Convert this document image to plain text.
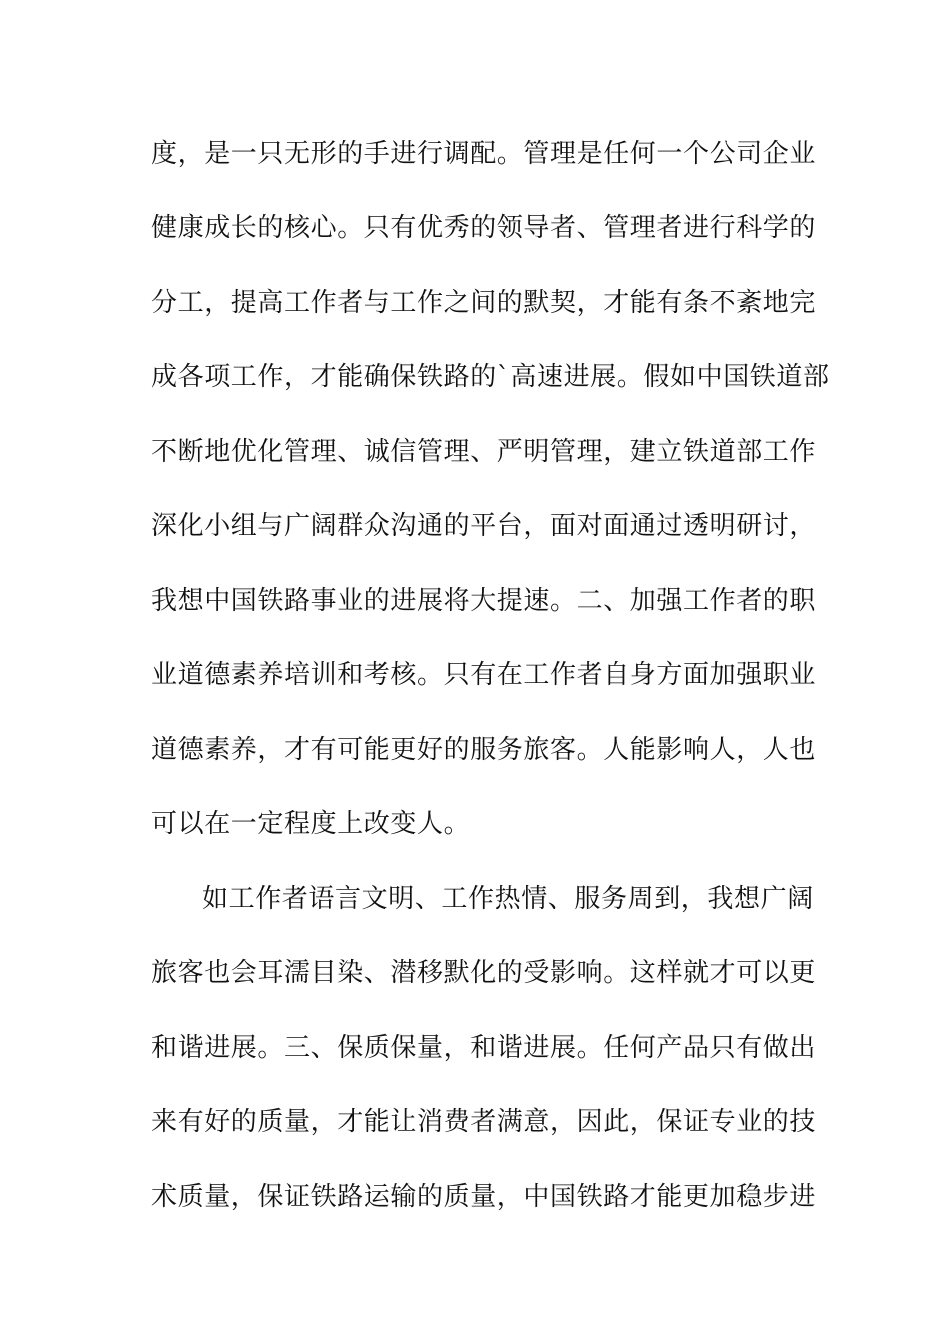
度，是一只无形的手进行调配。管理是任何一个公司企业
健康成长的核心。只有优秀的领导者、管理者进行科学的
分工，提高工作者与工作之间的默契，才能有条不紊地完
成各项工作，才能确保铁路的`高速进展。假如中国铁道部
不断地优化管理、诚信管理、严明管理，建立铁道部工作
深化小组与广阔群众沟通的平台，面对面通过透明研讨，
我想中国铁路事业的进展将大提速。二、加强工作者的职
业道德素养培训和考核。只有在工作者自身方面加强职业
道德素养，才有可能更好的服务旅客。人能影响人，人也
可以在一定程度上改变人。
如工作者语言文明、工作热情、服务周到，我想广阔
旅客也会耳濡目染、潜移默化的受影响。这样就才可以更
和谐进展。三、保质保量，和谐进展。任何产品只有做出
来有好的质量，才能让消费者满意，因此，保证专业的技
术质量，保证铁路运输的质量，中国铁路才能更加稳步进
